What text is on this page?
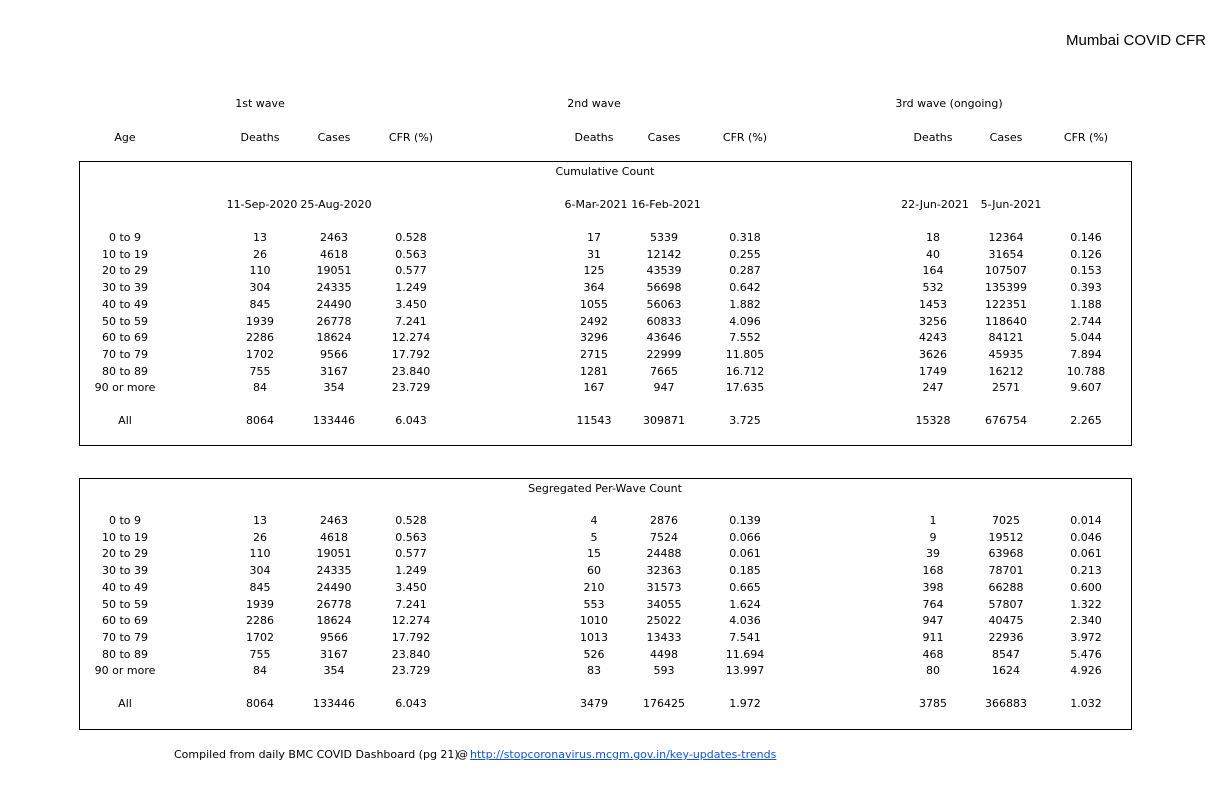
Mumbai COVID CFR
1st wave	2nd wave	3rd wave (ongoing)
Age	Deaths	Cases	CFR (%)	Deaths	Cases	CFR (%)	Deaths	Cases	CFR (%)
Cumulative Count
11-Sep-2020 25-Aug-2020	6-Mar-2021 16-Feb-2021	22-Jun-2021 5-Jun-2021
0 to 9	13	2463	0.528	17	5339	0.318	18	12364	0.146
10 to 19	26	4618	0.563	31	12142	0.255	40	31654	0.126
20 to 29	110	19051	0.577	125	43539	0.287	164	107507	0.153
30 to 39	304	24335	1.249	364	56698	0.642	532	135399	0.393
40 to 49	845	24490	3.450	1055	56063	1.882	1453	122351	1.188
50 to 59	1939	26778	7.241	2492	60833	4.096	3256	118640	2.744
60 to 69	2286	18624	12.274	3296	43646	7.552	4243	84121	5.044
70 to 79	1702	9566	17.792	2715	22999	11.805	3626	45935	7.894
80 to 89	755	3167	23.840	1281	7665	16.712	1749	16212	10.788
90 or more	84	354	23.729	167	947	17.635	247	2571	9.607
All	8064	133446	6.043	11543	309871	3.725	15328	676754	2.265
Segregated Per-Wave Count
0 to 9	13	2463	0.528	4	2876	0.139	1	7025	0.014
10 to 19	26	4618	0.563	5	7524	0.066	9	19512	0.046
20 to 29	110	19051	0.577	15	24488	0.061	39	63968	0.061
30 to 39	304	24335	1.249	60	32363	0.185	168	78701	0.213
40 to 49	845	24490	3.450	210	31573	0.665	398	66288	0.600
50 to 59	1939	26778	7.241	553	34055	1.624	764	57807	1.322
60 to 69	2286	18624	12.274	1010	25022	4.036	947	40475	2.340
70 to 79	1702	9566	17.792	1013	13433	7.541	911	22936	3.972
80 to 89	755	3167	23.840	526	4498	11.694	468	8547	5.476
90 or more	84	354	23.729	83	593	13.997	80	1624	4.926
All	8064	133446	6.043	3479	176425	1.972	3785	366883	1.032
Compiled from daily BMC COVID Dashboard (pg 21)
@ http://stopcoronavirus.mcgm.gov.in/key-updates-trends
